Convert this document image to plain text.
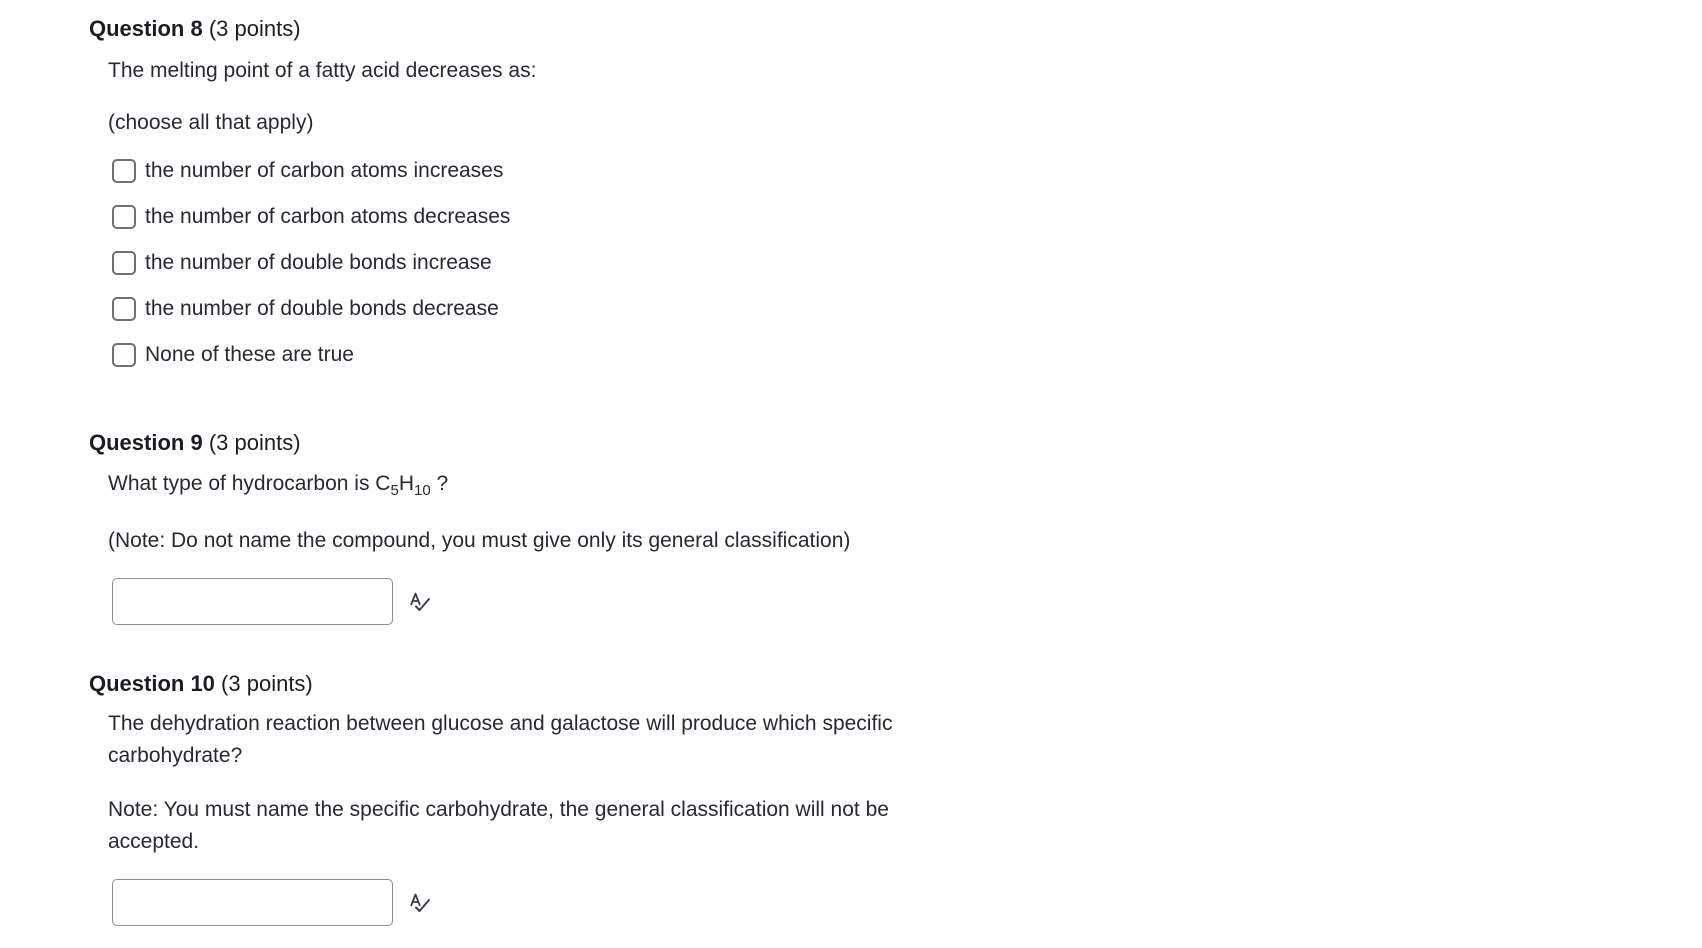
Question 8 (3 points)

The melting point of a fatty acid decreases as:

(choose all that apply)

the number of carbon atoms increases
the number of carbon atoms decreases
the number of double bonds increase
the number of double bonds decrease
None of these are true
Question 9 (3 points)

What type of hydrocarbon is $C_5H_{10}$ ?

(Note: Do not name the compound, you must give only its general classification)

Question 10 (3 points)

The dehydration reaction between glucose and galactose will produce which specific
carbohydrate?

Note: You must name the specific carbohydrate, the general classification will not be
accepted.
